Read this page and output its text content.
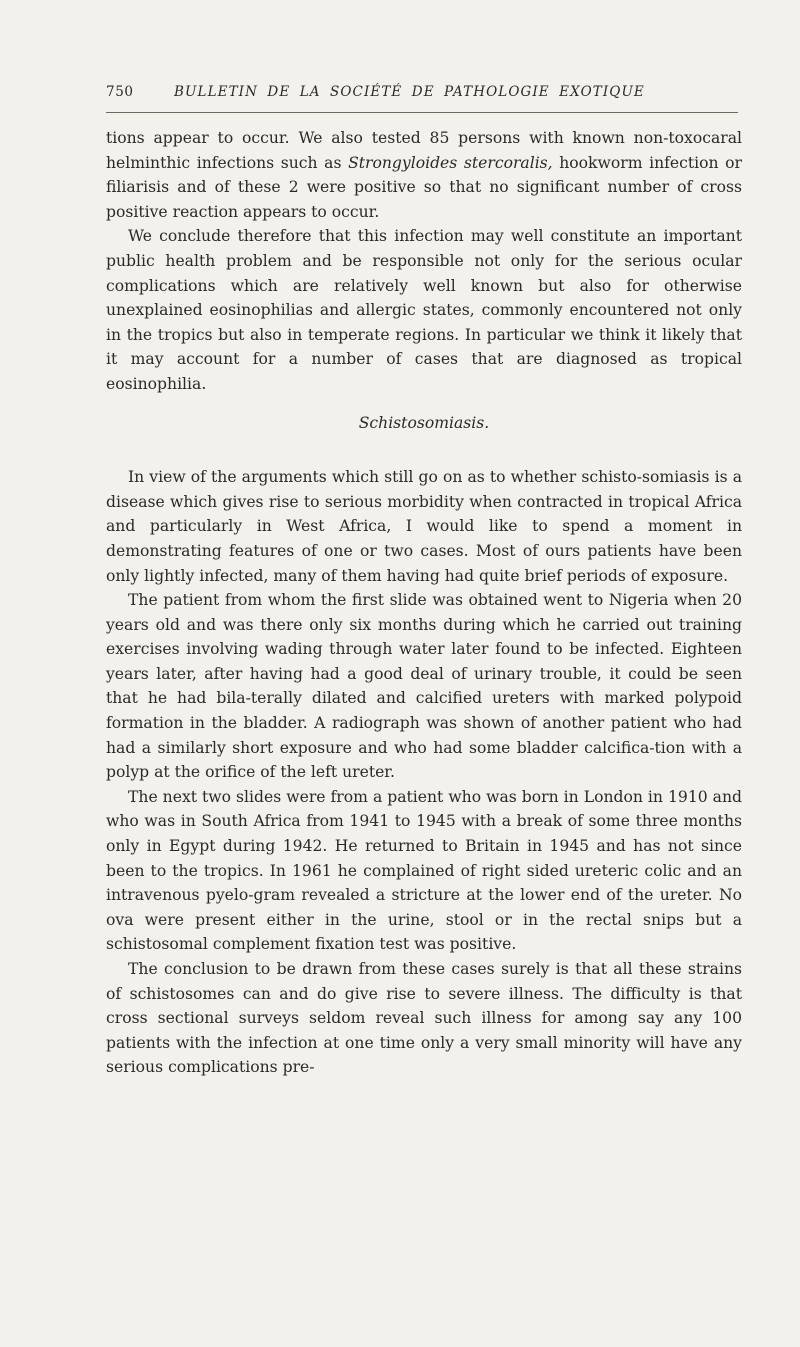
750	BULLETIN DE LA SOCIÉTÉ DE PATHOLOGIE EXOTIQUE

tions appear to occur. We also tested 85 persons with known non-toxocaral helminthic infections such as Strongyloides stercoralis, hookworm infection or filiarisis and of these 2 were positive so that no significant number of cross positive reaction appears to occur.

We conclude therefore that this infection may well constitute an important public health problem and be responsible not only for the serious ocular complications which are relatively well known but also for otherwise unexplained eosinophilias and allergic states, commonly encountered not only in the tropics but also in temperate regions. In particular we think it likely that it may account for a number of cases that are diagnosed as tropical eosinophilia.

Schistosomiasis.

In view of the arguments which still go on as to whether schisto-somiasis is a disease which gives rise to serious morbidity when contracted in tropical Africa and particularly in West Africa, I would like to spend a moment in demonstrating features of one or two cases. Most of ours patients have been only lightly infected, many of them having had quite brief periods of exposure.

The patient from whom the first slide was obtained went to Nigeria when 20 years old and was there only six months during which he carried out training exercises involving wading through water later found to be infected. Eighteen years later, after having had a good deal of urinary trouble, it could be seen that he had bila-terally dilated and calcified ureters with marked polypoid formation in the bladder. A radiograph was shown of another patient who had had a similarly short exposure and who had some bladder calcifica-tion with a polyp at the orifice of the left ureter.

The next two slides were from a patient who was born in London in 1910 and who was in South Africa from 1941 to 1945 with a break of some three months only in Egypt during 1942. He returned to Britain in 1945 and has not since been to the tropics. In 1961 he complained of right sided ureteric colic and an intravenous pyelo-gram revealed a stricture at the lower end of the ureter. No ova were present either in the urine, stool or in the rectal snips but a schistosomal complement fixation test was positive.

The conclusion to be drawn from these cases surely is that all these strains of schistosomes can and do give rise to severe illness. The difficulty is that cross sectional surveys seldom reveal such illness for among say any 100 patients with the infection at one time only a very small minority will have any serious complications pre-
